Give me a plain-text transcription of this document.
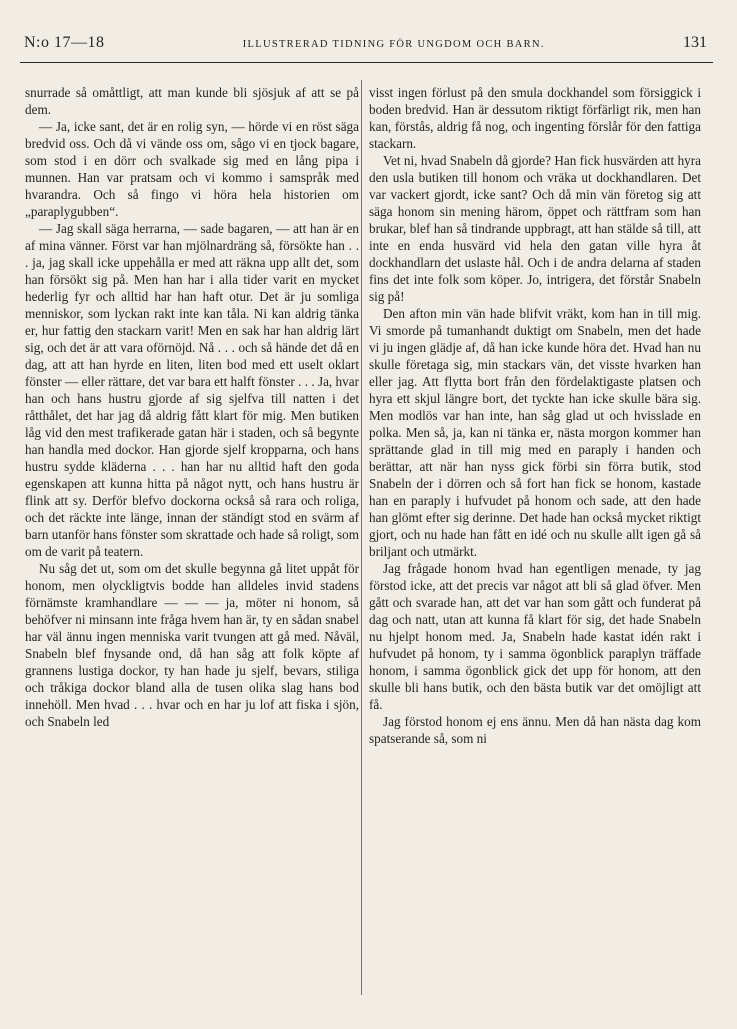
N:o 17—18	ILLUSTRERAD TIDNING FÖR UNGDOM OCH BARN.	131

snurrade så omåttligt, att man kunde bli sjösjuk af att se på dem.

— Ja, icke sant, det är en rolig syn, — hörde vi en röst säga bredvid oss. Och då vi vände oss om, sågo vi en tjock bagare, som stod i en dörr och svalkade sig med en lång pipa i munnen. Han var pratsam och vi kommo i samspråk med hvarandra. Och så fingo vi höra hela historien om „paraplygubben“.

— Jag skall säga herrarna, — sade bagaren, — att han är en af mina vänner. Först var han mjölnardräng så, försökte han . . . ja, jag skall icke uppehålla er med att räkna upp allt det, som han försökt sig på. Men han har i alla tider varit en mycket hederlig fyr och alltid har han haft otur. Det är ju somliga menniskor, som lyckan rakt inte kan tåla. Ni kan aldrig tänka er, hur fattig den stackarn varit! Men en sak har han aldrig lärt sig, och det är att vara oförnöjd. Nå . . . och så hände det då en dag, att att han hyrde en liten, liten bod med ett uselt oklart fönster — eller rättare, det var bara ett halft fönster . . . Ja, hvar han och hans hustru gjorde af sig sjelfva till natten i det råtthålet, det har jag då aldrig fått klart för mig. Men butiken låg vid den mest trafikerade gatan här i staden, och så begynte han handla med dockor. Han gjorde sjelf kropparna, och hans hustru sydde kläderna . . . han har nu alltid haft den goda egenskapen att kunna hitta på något nytt, och hans hustru är flink att sy. Derför blefvo dockorna också så rara och roliga, och det räckte inte länge, innan der ständigt stod en svärm af barn utanför hans fönster som skrattade och hade så roligt, som om de varit på teatern.

Nu såg det ut, som om det skulle begynna gå litet uppåt för honom, men olyckligtvis bodde han alldeles invid stadens förnämste kramhandlare — — — ja, möter ni honom, så behöfver ni minsann inte fråga hvem han är, ty en sådan snabel har väl ännu ingen menniska varit tvungen att gå med. Nåväl, Snabeln blef fnysande ond, då han såg att folk köpte af grannens lustiga dockor, ty han hade ju sjelf, bevars, stiliga och tråkiga dockor bland alla de tusen olika slag hans bod innehöll. Men hvad . . . hvar och en har ju lof att fiska i sjön, och Snabeln led

visst ingen förlust på den smula dockhandel som försiggick i boden bredvid. Han är dessutom riktigt förfärligt rik, men han kan, förstås, aldrig få nog, och ingenting förslår för den fattiga stackarn.

Vet ni, hvad Snabeln då gjorde? Han fick husvärden att hyra den usla butiken till honom och vräka ut dockhandlaren. Det var vackert gjordt, icke sant? Och då min vän företog sig att säga honom sin mening härom, öppet och rättfram som han brukar, blef han så tindrande uppbragt, att han stälde så till, att inte en enda husvärd vid hela den gatan ville hyra åt dockhandlarn det uslaste hål. Och i de andra delarna af staden fins det inte folk som köper. Jo, intrigera, det förstår Snabeln sig på!

Den afton min vän hade blifvit vräkt, kom han in till mig. Vi smorde på tumanhandt duktigt om Snabeln, men det hade vi ju ingen glädje af, då han icke kunde höra det. Hvad han nu skulle företaga sig, min stackars vän, det visste hvarken han eller jag. Att flytta bort från den fördelaktigaste platsen och hyra ett skjul längre bort, det tyckte han icke skulle bära sig. Men modlös var han inte, han såg glad ut och hvisslade en polka. Men så, ja, kan ni tänka er, nästa morgon kommer han sprättande glad in till mig med en paraply i handen och berättar, att när han nyss gick förbi sin förra butik, stod Snabeln der i dörren och så fort han fick se honom, kastade han en paraply i hufvudet på honom och sade, att den hade han glömt efter sig derinne. Det hade han också mycket riktigt gjort, och nu hade han fått en idé och nu skulle allt igen gå så briljant och utmärkt.

Jag frågade honom hvad han egentligen menade, ty jag förstod icke, att det precis var något att bli så glad öfver. Men gått och svarade han, att det var han som gått och funderat på dag och natt, utan att kunna få klart för sig, det hade Snabeln nu hjelpt honom med. Ja, Snabeln hade kastat idén rakt i hufvudet på honom, ty i samma ögonblick paraplyn träffade honom, i samma ögonblick gick det upp för honom, att den skulle bli hans butik, och den bästa butik var det omöjligt att få.

Jag förstod honom ej ens ännu. Men då han nästa dag kom spatserande så, som ni
